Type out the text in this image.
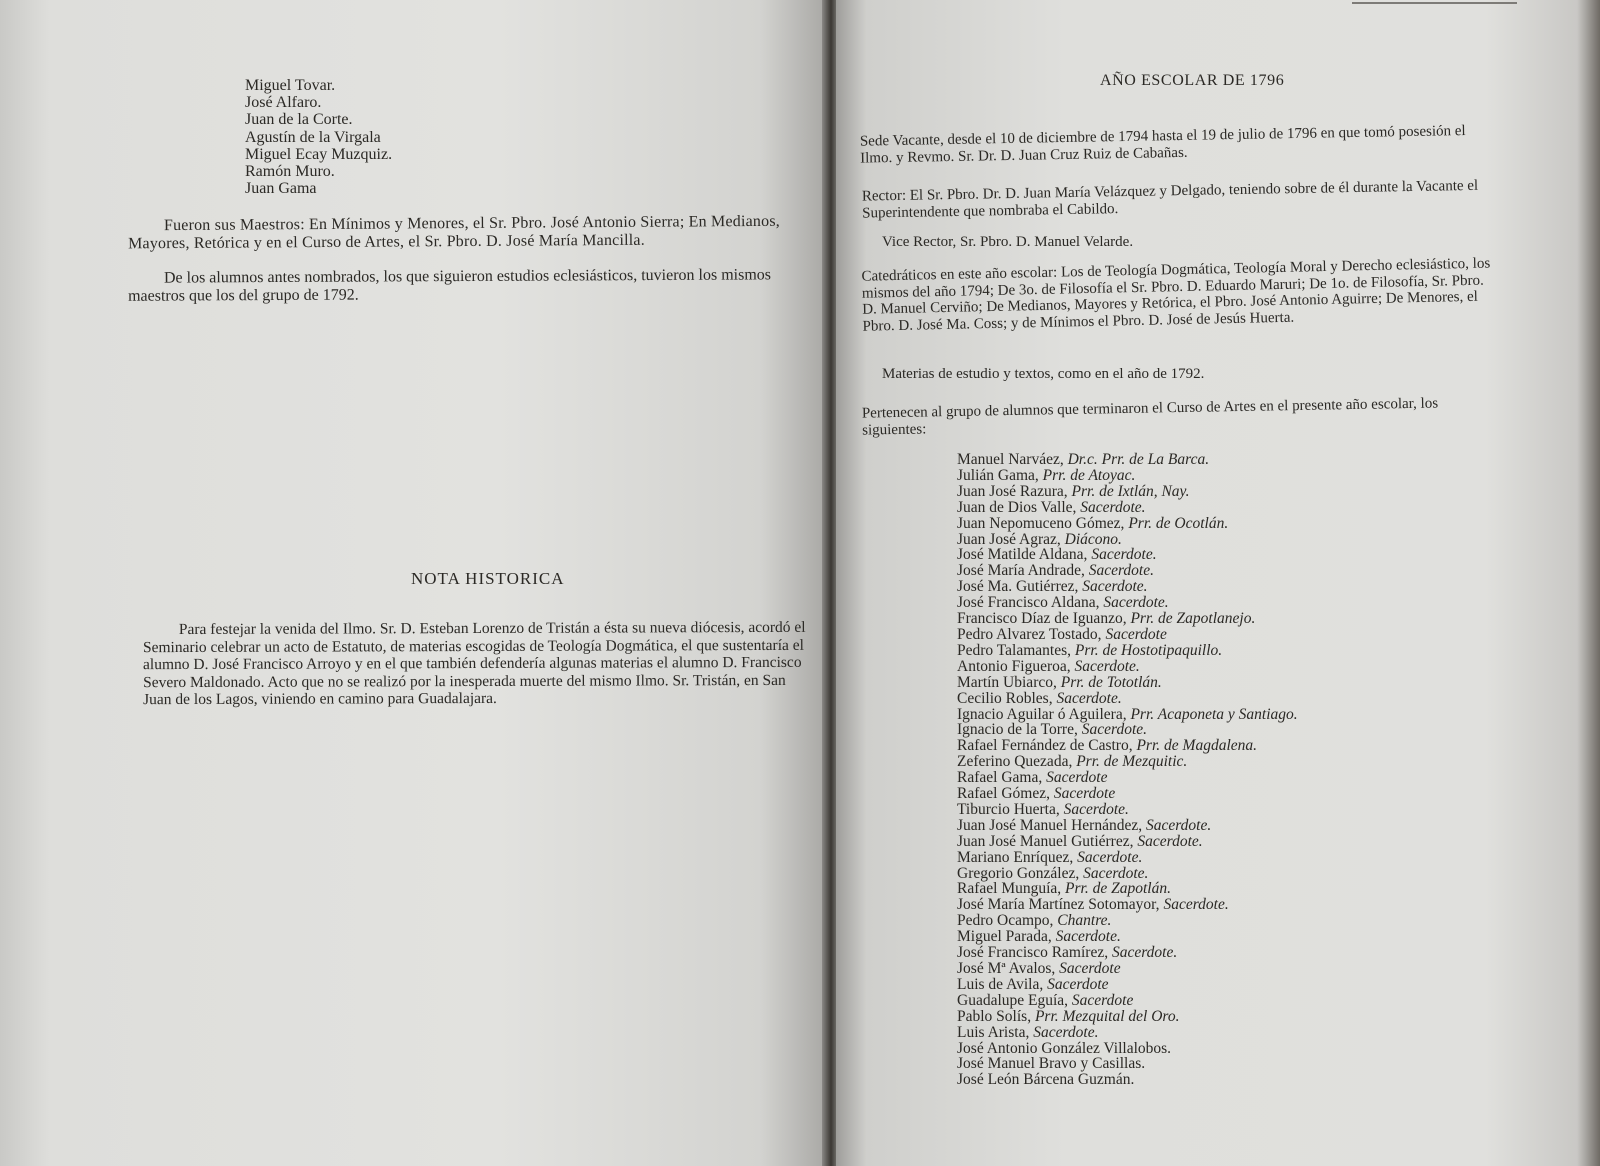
Miguel Tovar.
José Alfaro.
Juan de la Corte.
Agustín de la Virgala
Miguel Ecay Muzquiz.
Ramón Muro.
Juan Gama

Fueron sus Maestros: En Mínimos y Menores, el Sr. Pbro. José Antonio Sierra; En Medianos, Mayores, Retórica y en el Curso de Artes, el Sr. Pbro. D. José María Mancilla.

De los alumnos antes nombrados, los que siguieron estudios eclesiásticos, tuvieron los mismos maestros que los del grupo de 1792.

NOTA HISTORICA

Para festejar la venida del Ilmo. Sr. D. Esteban Lorenzo de Tristán a ésta su nueva diócesis, acordó el Seminario celebrar un acto de Estatuto, de materias escogidas de Teología Dogmática, el que sustentaría el alumno D. José Francisco Arroyo y en el que también defendería algunas materias el alumno D. Francisco Severo Maldonado. Acto que no se realizó por la inesperada muerte del mismo Ilmo. Sr. Tristán, en San Juan de los Lagos, viniendo en camino para Guadalajara.

AÑO ESCOLAR DE 1796

Sede Vacante, desde el 10 de diciembre de 1794 hasta el 19 de julio de 1796 en que tomó posesión el Ilmo. y Revmo. Sr. Dr. D. Juan Cruz Ruiz de Cabañas.

Rector: El Sr. Pbro. Dr. D. Juan María Velázquez y Delgado, teniendo sobre de él durante la Vacante el Superintendente que nombraba el Cabildo.

Vice Rector, Sr. Pbro. D. Manuel Velarde.

Catedráticos en este año escolar: Los de Teología Dogmática, Teología Moral y Derecho eclesiástico, los mismos del año 1794; De 3o. de Filosofía el Sr. Pbro. D. Eduardo Maruri; De 1o. de Filosofía, Sr. Pbro. D. Manuel Cerviño; De Medianos, Mayores y Retórica, el Pbro. José Antonio Aguirre; De Menores, el Pbro. D. José Ma. Coss; y de Mínimos el Pbro. D. José de Jesús Huerta.

Materias de estudio y textos, como en el año de 1792.

Pertenecen al grupo de alumnos que terminaron el Curso de Artes en el presente año escolar, los siguientes:

Manuel Narváez, Dr.c. Prr. de La Barca.
Julián Gama, Prr. de Atoyac.
Juan José Razura, Prr. de Ixtlán, Nay.
Juan de Dios Valle, Sacerdote.
Juan Nepomuceno Gómez, Prr. de Ocotlán.
Juan José Agraz, Diácono.
José Matilde Aldana, Sacerdote.
José María Andrade, Sacerdote.
José Ma. Gutiérrez, Sacerdote.
José Francisco Aldana, Sacerdote.
Francisco Díaz de Iguanzo, Prr. de Zapotlanejo.
Pedro Alvarez Tostado, Sacerdote
Pedro Talamantes, Prr. de Hostotipaquillo.
Antonio Figueroa, Sacerdote.
Martín Ubiarco, Prr. de Tototlán.
Cecilio Robles, Sacerdote.
Ignacio Aguilar ó Aguilera, Prr. Acaponeta y Santiago.
Ignacio de la Torre, Sacerdote.
Rafael Fernández de Castro, Prr. de Magdalena.
Zeferino Quezada, Prr. de Mezquitic.
Rafael Gama, Sacerdote
Rafael Gómez, Sacerdote
Tiburcio Huerta, Sacerdote.
Juan José Manuel Hernández, Sacerdote.
Juan José Manuel Gutiérrez, Sacerdote.
Mariano Enríquez, Sacerdote.
Gregorio González, Sacerdote.
Rafael Munguía, Prr. de Zapotlán.
José María Martínez Sotomayor, Sacerdote.
Pedro Ocampo, Chantre.
Miguel Parada, Sacerdote.
José Francisco Ramírez, Sacerdote.
José Mª Avalos, Sacerdote
Luis de Avila, Sacerdote
Guadalupe Eguía, Sacerdote
Pablo Solís, Prr. Mezquital del Oro.
Luis Arista, Sacerdote.
José Antonio González Villalobos.
José Manuel Bravo y Casillas.
José León Bárcena Guzmán.
